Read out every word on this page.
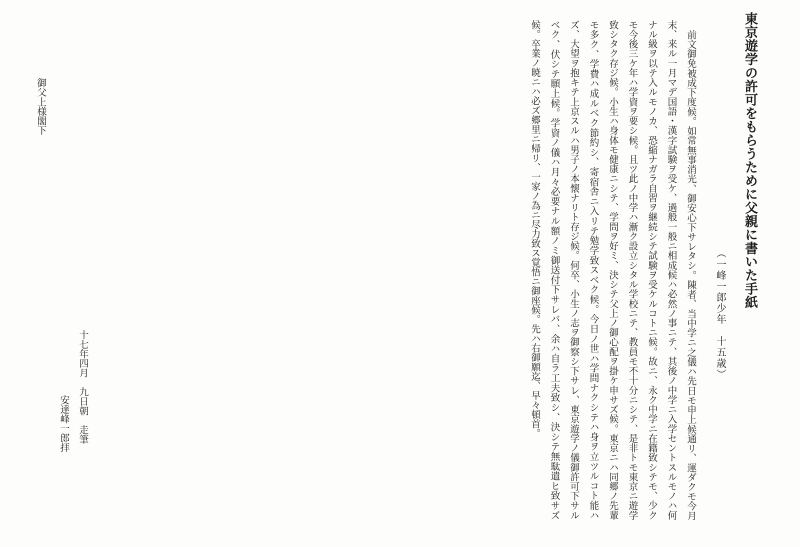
東京遊学の許可をもらうために父親に書いた手紙
（一峰一郎少年　十五歳）

前文御免被成下度候。如常無事消光、御安心下サレタシ。陳者、当中学ニ之儀ハ先日モ申上候通リ、運ダクモ今月末、来ル一月マデ国語・漢字試験ヲ受ケ、過般一般ニ相成候ハ必然ノ事ニテ、其後ノ中学ニ入学セントスルモノハ何ナル級ヲ以テ入ルモノカ、恐縮ナガラ自習ヲ継続シテ試験ヲ受ケルコトニ候。故ニ、永ク中学ニ在籍致シテモ、少クモ今後三ケ年ハ学資ヲ要シ候。且ツ此ノ中学ハ漸ク設立シタル学校ニテ、教員モ不十分ニシテ、是非トモ東京ニ遊学致シタク存ジ候。小生ハ身体モ健康ニシテ、学問ヲ好ミ、決シテ父上ノ御心配ヲ掛ケ申サズ候。東京ニハ同郷ノ先輩モ多ク、学費ハ成ルベク節約シ、寄宿舎ニ入リテ勉学致スベク候。今日ノ世ハ学問ナクシテハ身ヲ立ツルコト能ハズ、大望ヲ抱キテ上京スルハ男子ノ本懐ナリト存ジ候。何卒、小生ノ志ヲ御察シ下サレ、東京遊学ノ儀御許可下サルベク、伏シテ願上候。学資ノ儀ハ月々必要ナル額ノミ御送付下サレバ、余ハ自ラ工夫致シ、決シテ無駄遣ヒ致サズ候。卒業ノ暁ニハ必ズ郷里ニ帰リ、一家ノ為ニ尽力致ス覚悟ニ御座候。先ハ右御願迄、早々頓首。

十七年四月　九日朝　走筆
安達峰一郎拝
御父上様閣下
